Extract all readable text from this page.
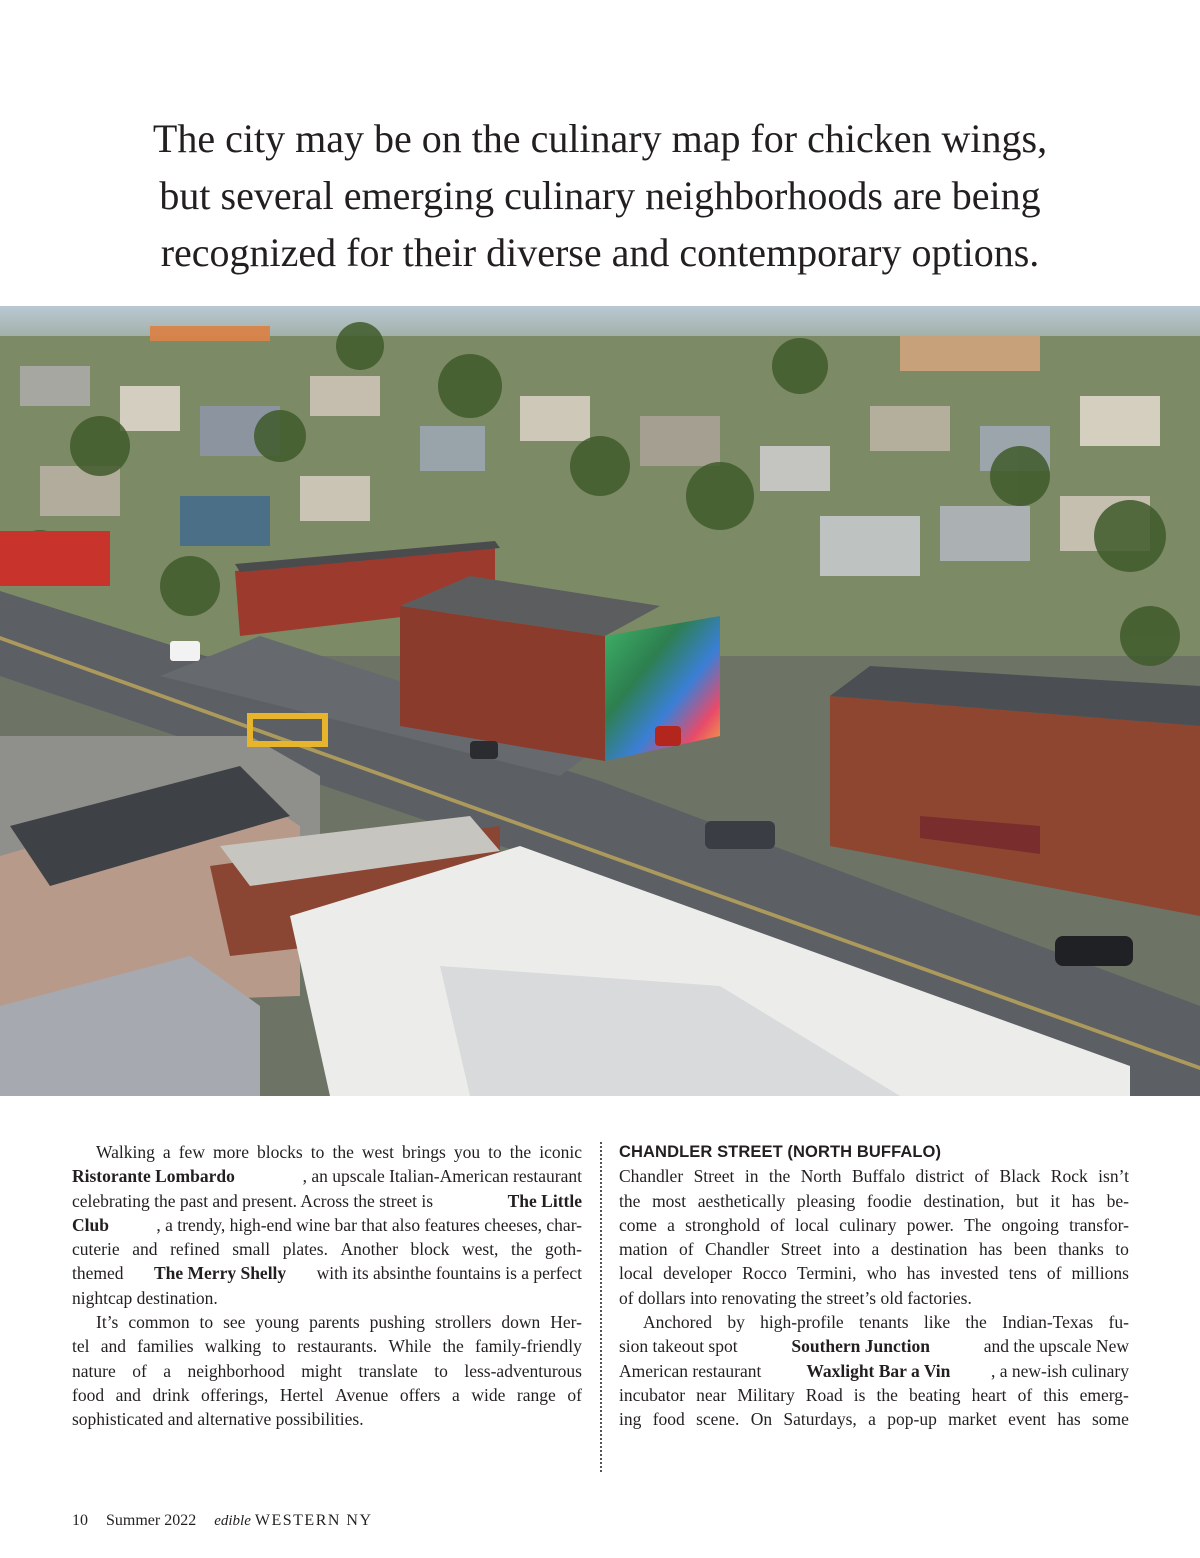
The city may be on the culinary map for chicken wings,
but several emerging culinary neighborhoods are being
recognized for their diverse and contemporary options.
Walking a few more blocks to the west brings you to the iconic
Ristorante Lombardo	, an upscale Italian-American restaurant
celebrating the past and present. Across the street is	The Little
Club	, a trendy, high-end wine bar that also features cheeses, char-
cuterie and refined small plates. Another block west, the goth-
themed The Merry Shelly with its absinthe fountains is a perfect
nightcap destination.
It’s common to see young parents pushing strollers down Her-
tel and families walking to restaurants. While the family-friendly
nature of a neighborhood might translate to less-adventurous
food and drink offerings, Hertel Avenue offers a wide range of
sophisticated and alternative possibilities.
CHANDLER STREET (NORTH BUFFALO)
Chandler Street in the North Buffalo district of Black Rock isn’t
the most aesthetically pleasing foodie destination, but it has be-
come a stronghold of local culinary power. The ongoing transfor-
mation of Chandler Street into a destination has been thanks to
local developer Rocco Termini, who has invested tens of millions
of dollars into renovating the street’s old factories.
Anchored by high-profile tenants like the Indian-Texas fu-
sion takeout spot	Southern Junction	and the upscale New
American restaurant Waxlight Bar a Vin , a new-ish culinary
incubator near Military Road is the beating heart of this emerg-
ing food scene. On Saturdays, a pop-up market event has some
10 Summer 2022 edible WESTERN NY
